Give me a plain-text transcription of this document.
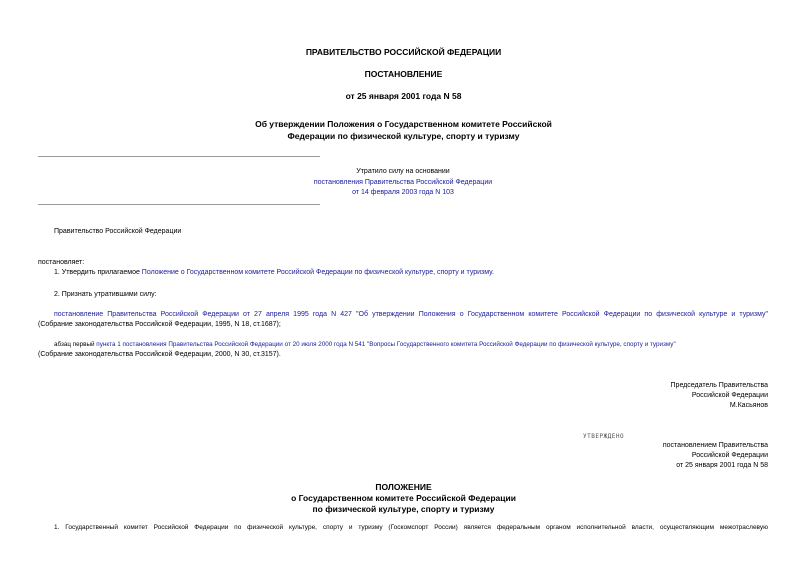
ПРАВИТЕЛЬСТВО РОССИЙСКОЙ ФЕДЕРАЦИИ
ПОСТАНОВЛЕНИЕ
от 25 января 2001 года N 58
Об утверждении Положения о Государственном комитете Российской
Федерации по физической культуре, спорту и туризму
Утратило силу на основании
постановления Правительства Российской Федерации
от 14 февраля 2003 года N 103
Правительство Российской Федерации
постановляет:
1. Утвердить прилагаемое Положение о Государственном комитете Российской Федерации по физической культуре, спорту и туризму.
2. Признать утратившими силу:
постановление Правительства Российской Федерации от 27 апреля 1995 года N 427 "Об утверждении Положения о Государственном комитете Российской Федерации по физической культуре и туризму"
(Собрание законодательства Российской Федерации, 1995, N 18, ст.1687);
абзац первый пункта 1 постановления Правительства Российской Федерации от 20 июля 2000 года N 541 "Вопросы Государственного комитета Российской Федерации по физической культуре, спорту и туризму"
(Собрание законодательства Российской Федерации, 2000, N 30, ст.3157).
Председатель Правительства
Российской Федерации
М.Касьянов
УТВЕРЖДЕНО
постановлением Правительства
Российской Федерации
от 25 января 2001 года N 58
ПОЛОЖЕНИЕ
о Государственном комитете Российской Федерации
по физической культуре, спорту и туризму
1. Государственный комитет Российской Федерации по физической культуре, спорту и туризму (Госкомспорт России) является федеральным органом исполнительной власти, осуществляющим межотраслевую
